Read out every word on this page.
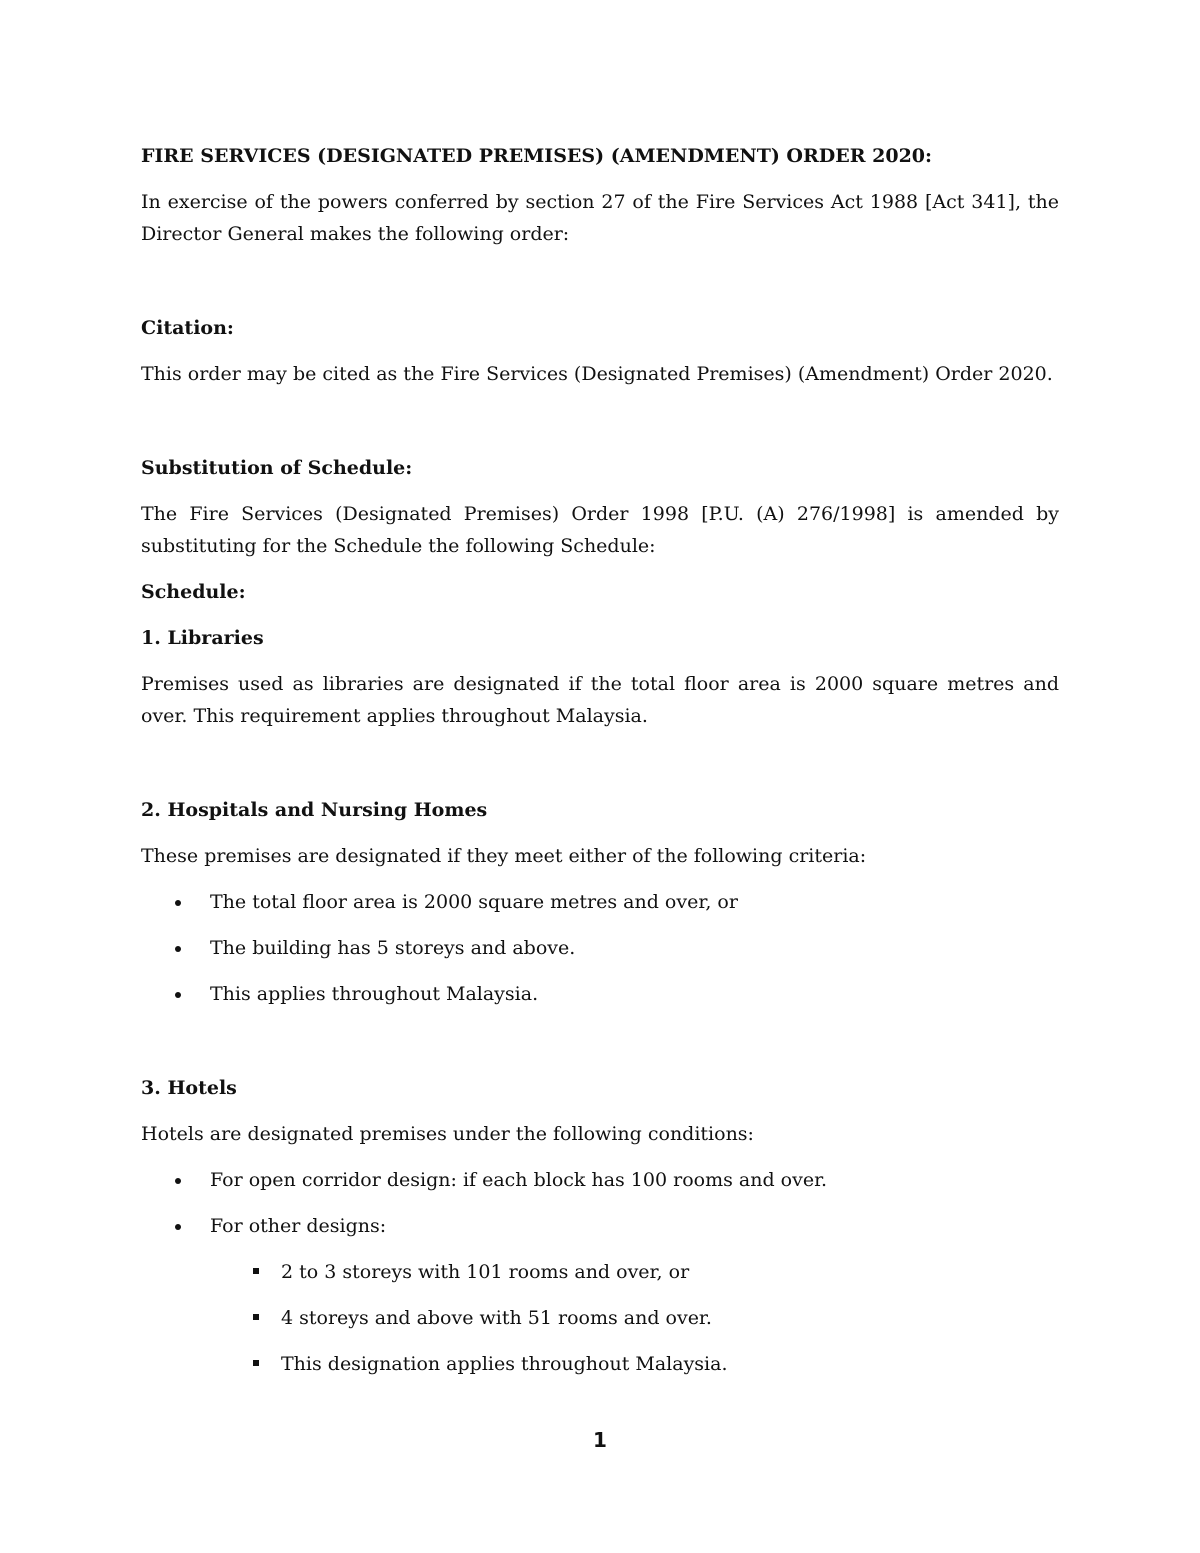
FIRE SERVICES (DESIGNATED PREMISES) (AMENDMENT) ORDER 2020:

In exercise of the powers conferred by section 27 of the Fire Services Act 1988 [Act 341], the Director General makes the following order:

Citation:

This order may be cited as the Fire Services (Designated Premises) (Amendment) Order 2020.

Substitution of Schedule:

The Fire Services (Designated Premises) Order 1998 [P.U. (A) 276/1998] is amended by substituting for the Schedule the following Schedule:

Schedule:

1. Libraries

Premises used as libraries are designated if the total floor area is 2000 square metres and over. This requirement applies throughout Malaysia.

2. Hospitals and Nursing Homes

These premises are designated if they meet either of the following criteria:

The total floor area is 2000 square metres and over, or
The building has 5 storeys and above.
This applies throughout Malaysia.

3. Hotels

Hotels are designated premises under the following conditions:

For open corridor design: if each block has 100 rooms and over.
For other designs:
2 to 3 storeys with 101 rooms and over, or
4 storeys and above with 51 rooms and over.
This designation applies throughout Malaysia.
1
